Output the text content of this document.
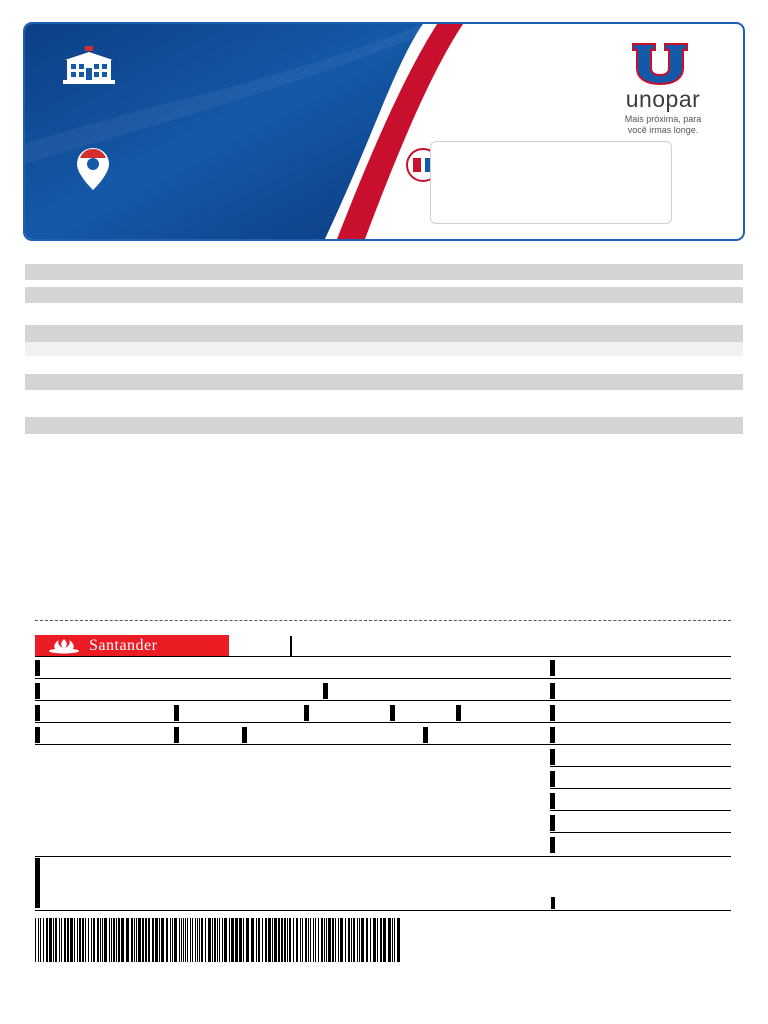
unopar
Mais próxima, para
você irmas longe.
Santander
